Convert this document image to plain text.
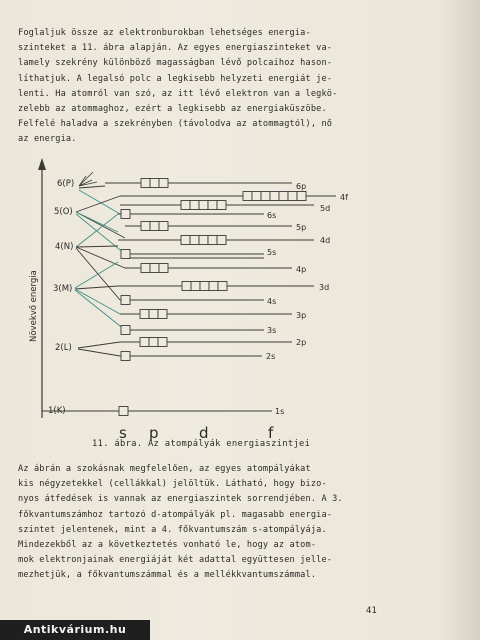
Foglaljuk össze az elektronburokban lehetséges energia-
szinteket a 11. ábra alapján. Az egyes energiaszinteket va-
lamely szekrény különböző magasságban lévő polcaihoz hason-
líthatjuk. A legalsó polc a legkisebb helyzeti energiát je-
lenti. Ha atomról van szó, az itt lévő elektron van a legkö-
zelebb az atommaghoz, ezért a legkisebb az energiaküszöbe.
Felfelé haladva a szekrényben (távolodva az atommagtól), nő
az energia.

Növekvő energia
6(P)
5(O)
4(N)
3(M)
2(L)
1(K)	1s
2s
2p
3s
3p
4s
3d
4p
5s
4d
5p
6s
5d
4f
6p
s p	d	f
11. ábra. Az atompályák energiaszintjei

Az ábrán a szokásnak megfelelően, az egyes atompályákat
kis négyzetekkel (cellákkal) jelöltük. Látható, hogy bizo-
nyos átfedések is vannak az energiaszintek sorrendjében. A 3.
főkvantumszámhoz tartozó d-atompályák pl. magasabb energia-
szintet jelentenek, mint a 4. főkvantumszám s-atompályája.
Mindezekből az a következtetés vonható le, hogy az atom-
mok elektronjainak energiáját két adattal együttesen jelle-
mezhetjük, a főkvantumszámmal és a mellékkvantumszámmal.

41
Antikvárium.hu
